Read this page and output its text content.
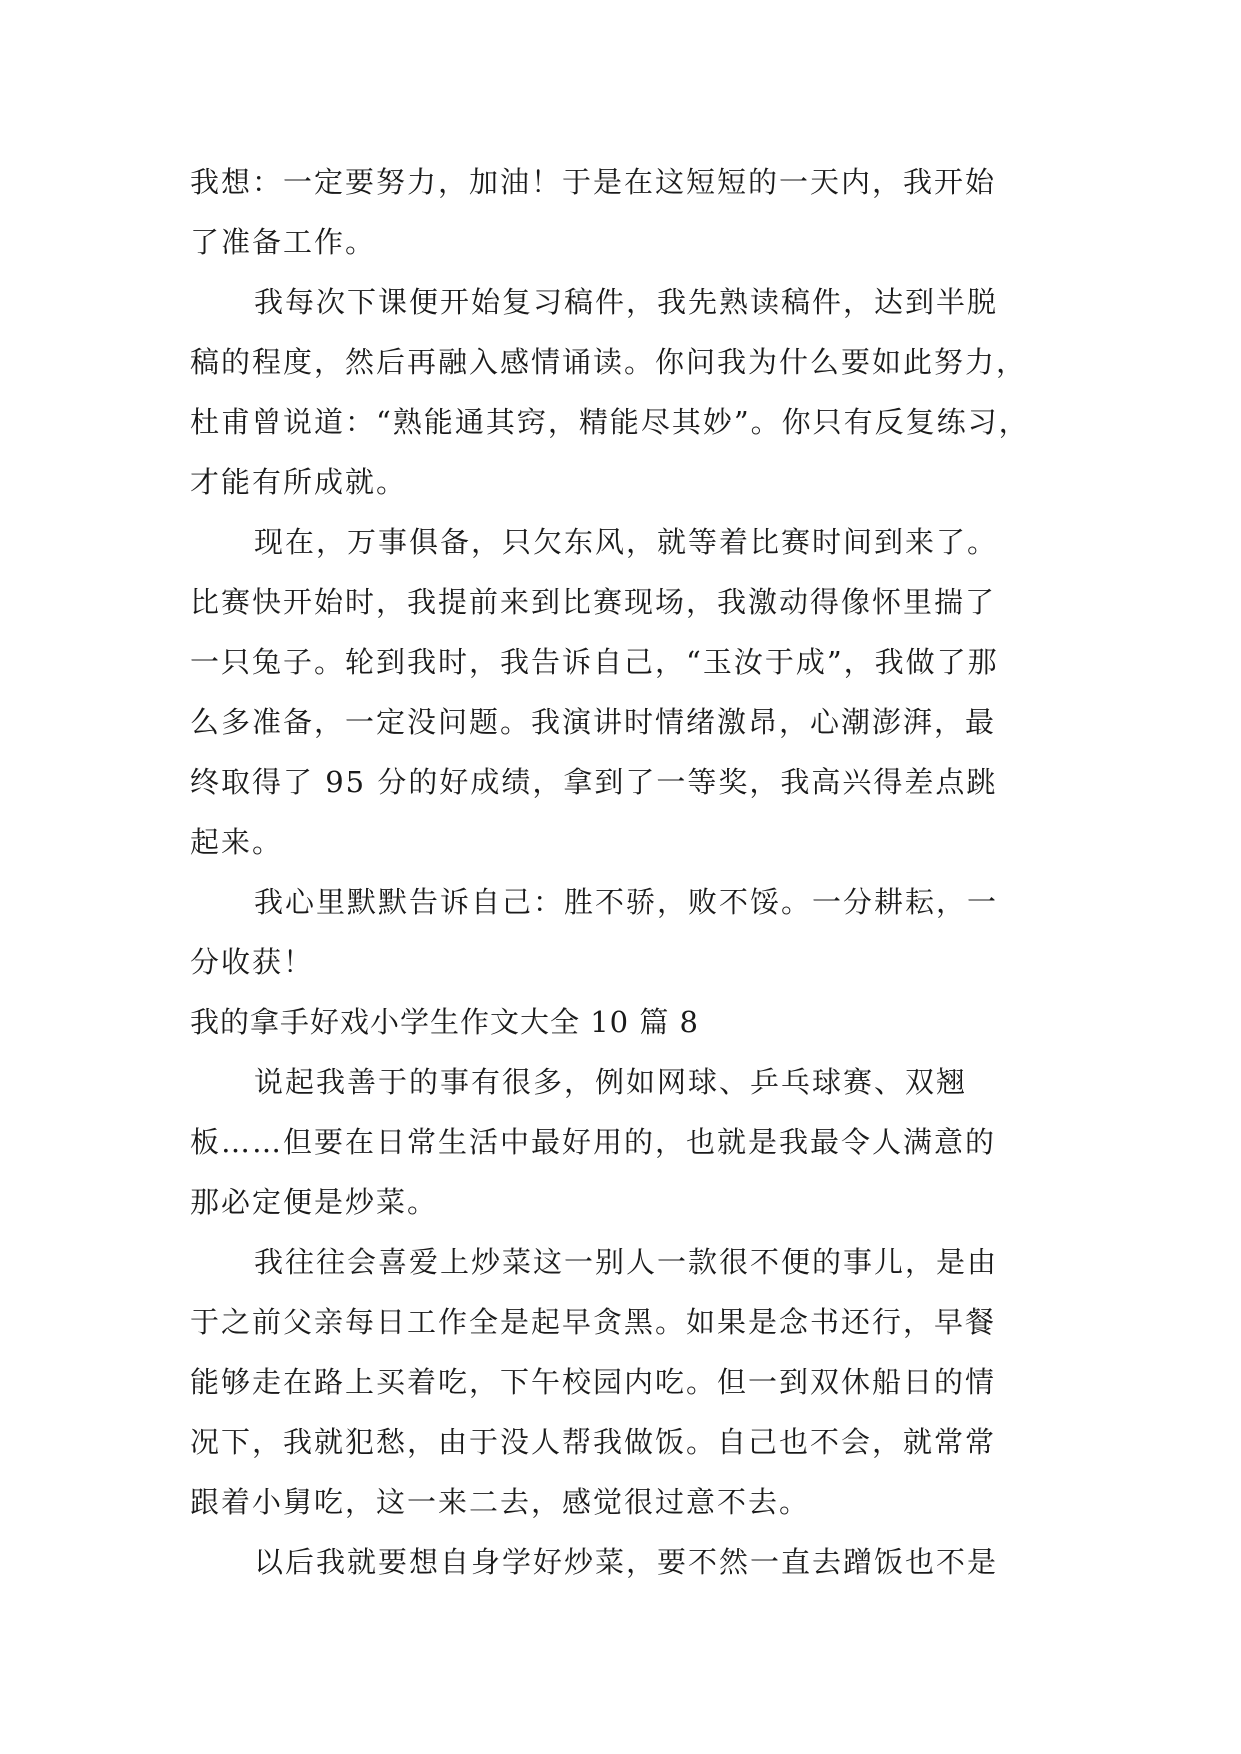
我想：一定要努力，加油！于是在这短短的一天内，我开始
了准备工作。
我每次下课便开始复习稿件，我先熟读稿件，达到半脱
稿的程度，然后再融入感情诵读。你问我为什么要如此努力，
杜甫曾说道：“熟能通其窍，精能尽其妙”。你只有反复练习，
才能有所成就。
现在，万事俱备，只欠东风，就等着比赛时间到来了。
比赛快开始时，我提前来到比赛现场，我激动得像怀里揣了
一只兔子。轮到我时，我告诉自己，“玉汝于成”，我做了那
么多准备，一定没问题。我演讲时情绪激昂，心潮澎湃，最
终取得了 95 分的好成绩，拿到了一等奖，我高兴得差点跳
起来。
我心里默默告诉自己：胜不骄，败不馁。一分耕耘，一
分收获！
我的拿手好戏小学生作文大全 10 篇 8
说起我善于的事有很多，例如网球、乒乓球赛、双翘
板……但要在日常生活中最好用的，也就是我最令人满意的
那必定便是炒菜。
我往往会喜爱上炒菜这一别人一款很不便的事儿，是由
于之前父亲每日工作全是起早贪黑。如果是念书还行，早餐
能够走在路上买着吃，下午校园内吃。但一到双休船日的情
况下，我就犯愁，由于没人帮我做饭。自己也不会，就常常
跟着小舅吃，这一来二去，感觉很过意不去。
以后我就要想自身学好炒菜，要不然一直去蹭饭也不是
